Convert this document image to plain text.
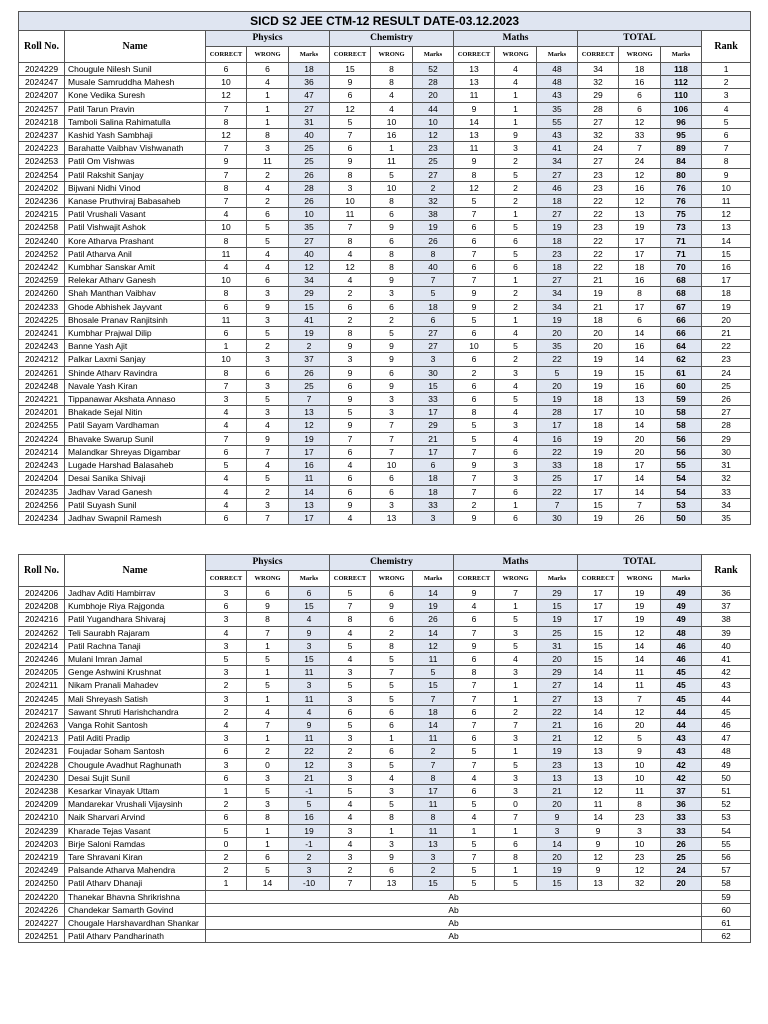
SICD S2 JEE CTM-12 RESULT DATE-03.12.2023														
Roll No.	Name	Physics			Chemistry			Maths			TOTAL			Rank
		CORRECT	WRONG	Marks	CORRECT	WRONG	Marks	CORRECT	WRONG	Marks	CORRECT	WRONG	Marks	
2024229	Chougule Nilesh Sunil	6	6	18	15	8	52	13	4	48	34	18	118	1
2024247	Musale Samruddha Mahesh	10	4	36	9	8	28	13	4	48	32	16	112	2
2024207	Kone Vedika Suresh	12	1	47	6	4	20	11	1	43	29	6	110	3
2024257	Patil Tarun Pravin	7	1	27	12	4	44	9	1	35	28	6	106	4
2024218	Tamboli Salina Rahimatulla	8	1	31	5	10	10	14	1	55	27	12	96	5
2024237	Kashid Yash Sambhaji	12	8	40	7	16	12	13	9	43	32	33	95	6
2024223	Barahatte Vaibhav Vishwanath	7	3	25	6	1	23	11	3	41	24	7	89	7
2024253	Patil Om Vishwas	9	11	25	9	11	25	9	2	34	27	24	84	8
2024254	Patil Rakshit Sanjay	7	2	26	8	5	27	8	5	27	23	12	80	9
2024202	Bijwani Nidhi Vinod	8	4	28	3	10	2	12	2	46	23	16	76	10
2024236	Kanase Pruthviraj Babasaheb	7	2	26	10	8	32	5	2	18	22	12	76	11
2024215	Patil Vrushali Vasant	4	6	10	11	6	38	7	1	27	22	13	75	12
2024258	Patil Vishwajit Ashok	10	5	35	7	9	19	6	5	19	23	19	73	13
2024240	Kore Atharva Prashant	8	5	27	8	6	26	6	6	18	22	17	71	14
2024252	Patil Atharva Anil	11	4	40	4	8	8	7	5	23	22	17	71	15
2024242	Kumbhar Sanskar Amit	4	4	12	12	8	40	6	6	18	22	18	70	16
2024259	Relekar Atharv Ganesh	10	6	34	4	9	7	7	1	27	21	16	68	17
2024260	Shah Manthan Vaibhav	8	3	29	2	3	5	9	2	34	19	8	68	18
2024233	Ghode Abhishek Jayvant	6	9	15	6	6	18	9	2	34	21	17	67	19
2024225	Bhosale Pranav Ranjitsinh	11	3	41	2	2	6	5	1	19	18	6	66	20
2024241	Kumbhar Prajwal Dilip	6	5	19	8	5	27	6	4	20	20	14	66	21
2024243	Banne Yash Ajit	1	2	2	9	9	27	10	5	35	20	16	64	22
2024212	Palkar Laxmi Sanjay	10	3	37	3	9	3	6	2	22	19	14	62	23
2024261	Shinde Atharv Ravindra	8	6	26	9	6	30	2	3	5	19	15	61	24
2024248	Navale Yash Kiran	7	3	25	6	9	15	6	4	20	19	16	60	25
2024221	Tippanawar Akshata Annaso	3	5	7	9	3	33	6	5	19	18	13	59	26
2024201	Bhakade Sejal Nitin	4	3	13	5	3	17	8	4	28	17	10	58	27
2024255	Patil Sayam Vardhaman	4	4	12	9	7	29	5	3	17	18	14	58	28
2024224	Bhavake Swarup Sunil	7	9	19	7	7	21	5	4	16	19	20	56	29
2024214	Malandkar Shreyas Digambar	6	7	17	6	7	17	7	6	22	19	20	56	30
2024243	Lugade Harshad Balasaheb	5	4	16	4	10	6	9	3	33	18	17	55	31
2024204	Desai Sanika Shivaji	4	5	11	6	6	18	7	3	25	17	14	54	32
2024235	Jadhav Varad Ganesh	4	2	14	6	6	18	7	6	22	17	14	54	33
2024256	Patil Suyash Sunil	4	3	13	9	3	33	2	1	7	15	7	53	34
2024234	Jadhav Swapnil Ramesh	6	7	17	4	13	3	9	6	30	19	26	50	35
Roll No.	Name	Physics			Chemistry			Maths			TOTAL			Rank
		CORRECT	WRONG	Marks	CORRECT	WRONG	Marks	CORRECT	WRONG	Marks	CORRECT	WRONG	Marks	
2024206	Jadhav Aditi Hambirrav	3	6	6	5	6	14	9	7	29	17	19	49	36
2024208	Kumbhoje Riya Rajgonda	6	9	15	7	9	19	4	1	15	17	19	49	37
2024216	Patil Yugandhara Shivaraj	3	8	4	8	6	26	6	5	19	17	19	49	38
2024262	Teli Saurabh Rajaram	4	7	9	4	2	14	7	3	25	15	12	48	39
2024214	Patil Rachna Tanaji	3	1	3	5	8	12	9	5	31	15	14	46	40
2024246	Mulani Imran Jamal	5	5	15	4	5	11	6	4	20	15	14	46	41
2024205	Genge Ashwini Krushnat	3	1	11	3	7	5	8	3	29	14	11	45	42
2024211	Nikam Pranali Mahadev	2	5	3	5	5	15	7	1	27	14	11	45	43
2024245	Mali Shreyash Satish	3	1	11	3	5	7	7	1	27	13	7	45	44
2024217	Sawant Shruti Harishchandra	2	4	4	6	6	18	6	2	22	14	12	44	45
2024263	Vanga Rohit Santosh	4	7	9	5	6	14	7	7	21	16	20	44	46
2024213	Patil Aditi Pradip	3	1	11	3	1	11	6	3	21	12	5	43	47
2024231	Foujadar Soham Santosh	6	2	22	2	6	2	5	1	19	13	9	43	48
2024228	Chougule Avadhut Raghunath	3	0	12	3	5	7	7	5	23	13	10	42	49
2024230	Desai Sujit Sunil	6	3	21	3	4	8	4	3	13	13	10	42	50
2024238	Kesarkar Vinayak Uttam	1	5	-1	5	3	17	6	3	21	12	11	37	51
2024209	Mandarekar Vrushali Vijaysinh	2	3	5	4	5	11	5	0	20	11	8	36	52
2024210	Naik Sharvari Arvind	6	8	16	4	8	8	4	7	9	14	23	33	53
2024239	Kharade Tejas Vasant	5	1	19	3	1	11	1	1	3	9	3	33	54
2024203	Birje Saloni Ramdas	0	1	-1	4	3	13	5	6	14	9	10	26	55
2024219	Tare Shravani Kiran	2	6	2	3	9	3	7	8	20	12	23	25	56
2024249	Palsande Atharva Mahendra	2	5	3	2	6	2	5	1	19	9	12	24	57
2024250	Patil Atharv Dhanaji	1	14	-10	7	13	15	5	5	15	13	32	20	58
2024220	Thanekar Bhavna Shrikrishna	Ab												59
2024226	Chandekar Samarth Govind	Ab												60
2024227	Chougale Harshavardhan Shankar	Ab												61
2024251	Patil Atharv Pandharinath	Ab												62
